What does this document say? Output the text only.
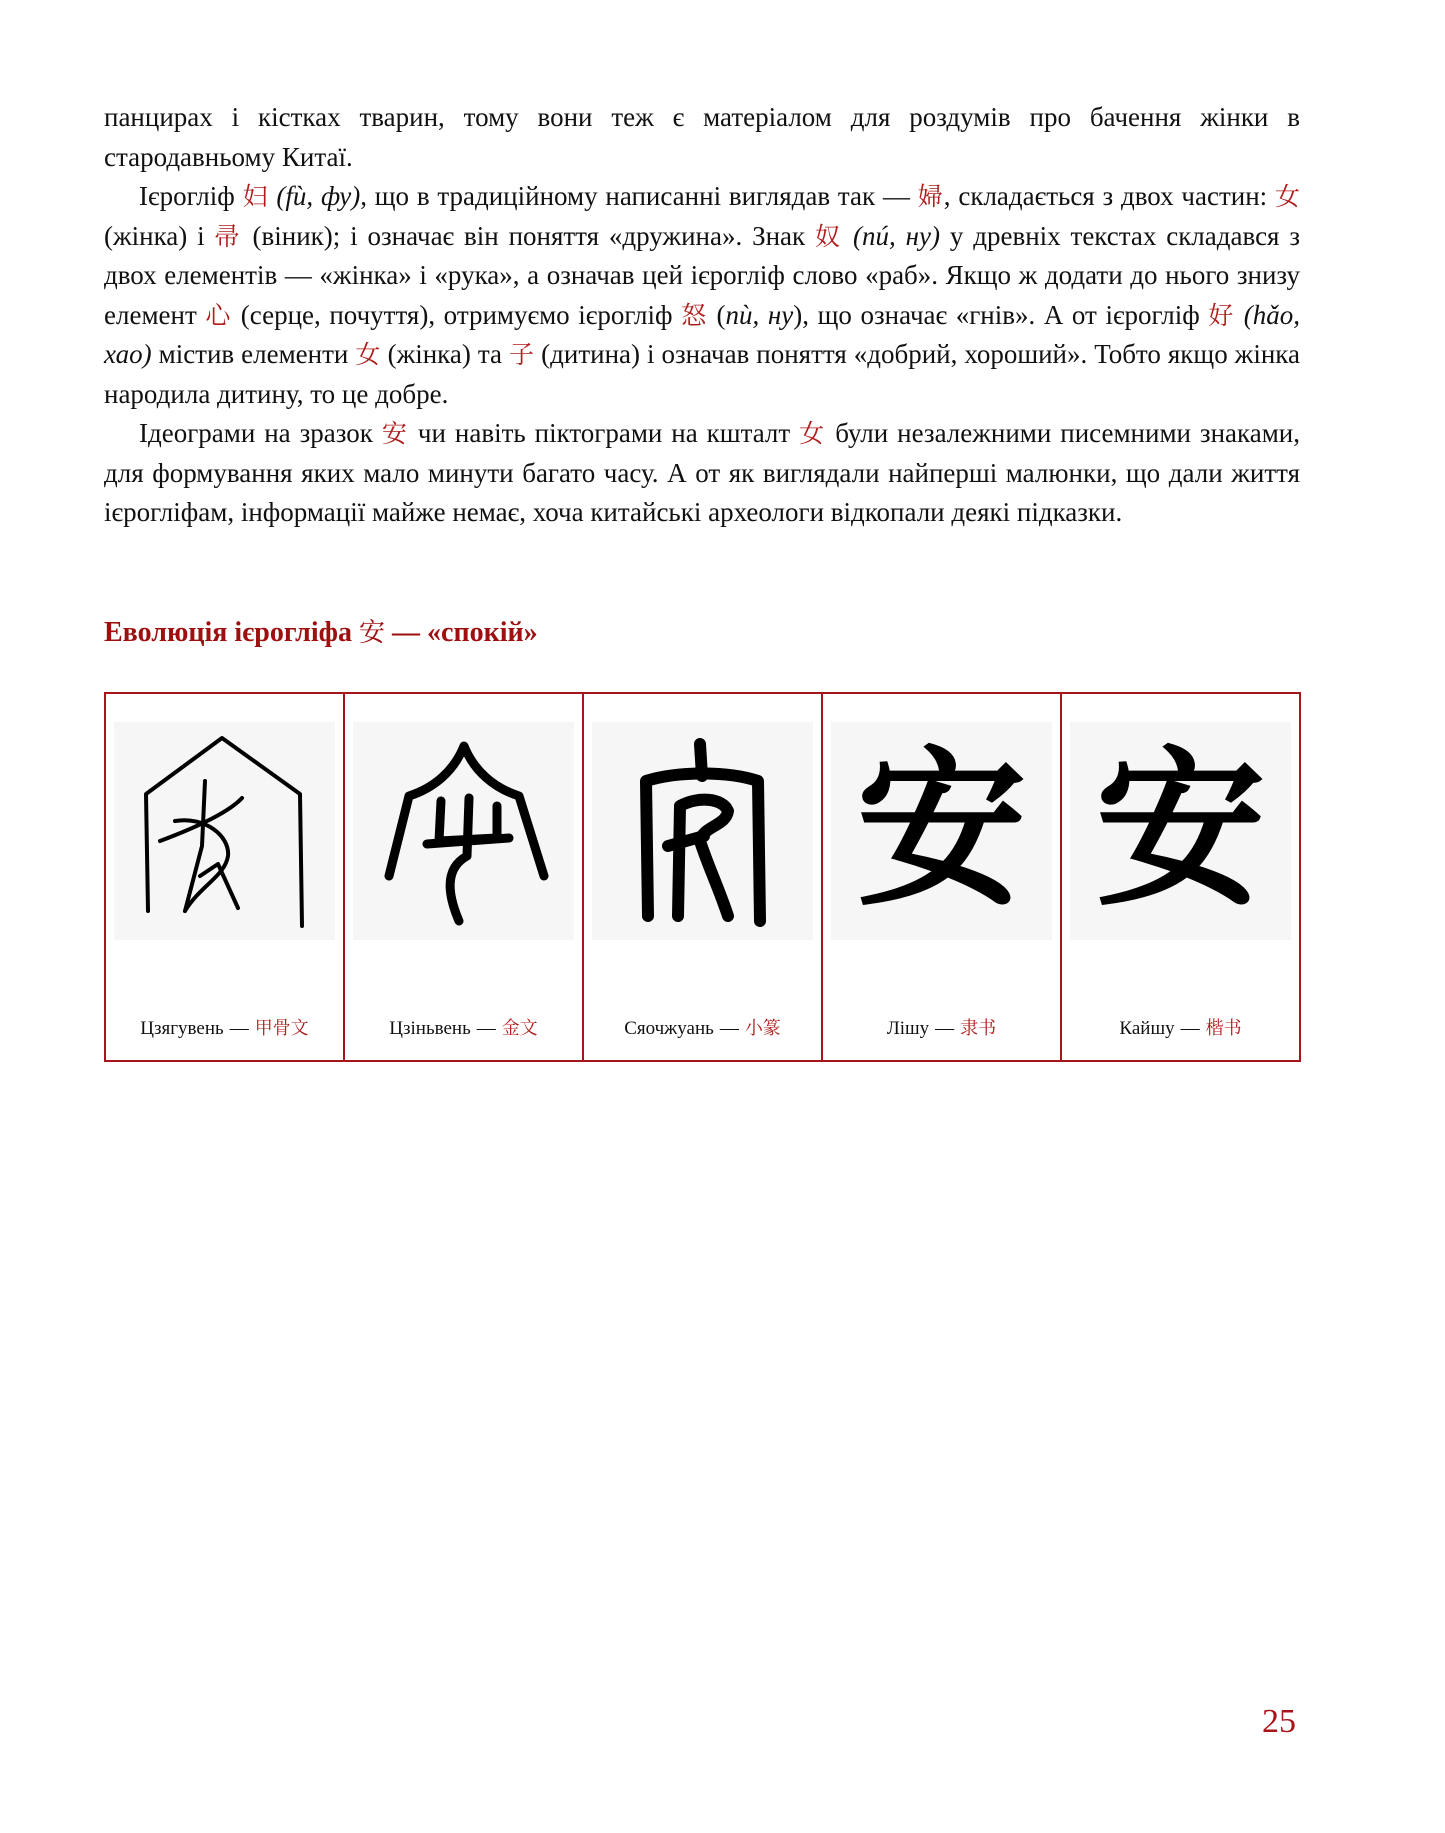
панцирах і кістках тварин, тому вони теж є матеріалом для роздумів про бачення жінки в стародавньому Китаї.

Ієрогліф 妇 (fù, фу), що в традиційному написанні виглядав так — 婦, складається з двох частин: 女 (жінка) і 帚 (віник); і означає він поняття «дружина». Знак 奴 (nú, ну) у древніх текстах складався з двох елементів — «жінка» і «рука», а означав цей ієрогліф слово «раб». Якщо ж додати до нього знизу елемент 心 (серце, почуття), отримуємо ієрогліф 怒 (nù, ну), що означає «гнів». А от ієрогліф 好 (hǎo, хао) містив елементи 女 (жінка) та 子 (дитина) і означав поняття «добрий, хороший». Тобто якщо жінка народила дитину, то це добре.

Ідеограми на зразок 安 чи навіть піктограми на кшталт 女 були незалежними писемними знаками, для формування яких мало минути багато часу. А от як виглядали найперші малюнки, що дали життя ієрогліфам, інформації майже немає, хоча китайські археологи відкопали деякі підказки.

Еволюція ієрогліфа 安 — «спокій»
Цзягувень — 甲骨文	Цзіньвень — 金文	Сяочжуань — 小篆
安
Лішу — 隶书
安
Кайшу — 楷书
25
